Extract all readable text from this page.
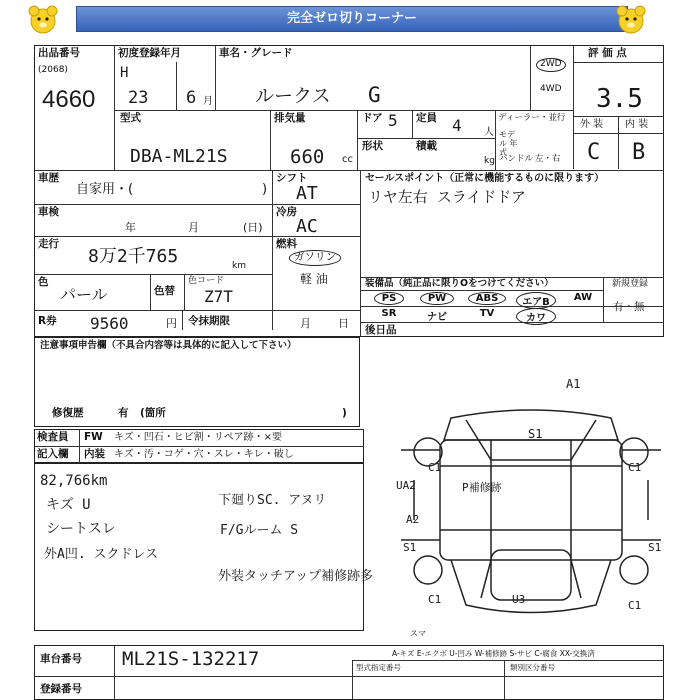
完全ゼロ切りコーナー
出品番号
(2068)
4660
初度登録年月
H
23 6 月
車名・グレード
ルークス G
2WD
4WD
評 価 点
3.5
外 装 内 装
C B
型式
DBA-ML21S
排気量
660 cc
ドア 5 定員 4 人
形状	積載
kg
ディーラー・並行
モデル 年式
ハンドル 左・右
車歴
自家用・(	)
シフト
AT
セールスポイント（正常に機能するものに限ります）
リヤ左右 スライドドア
車検
年	月	(日)
冷房
AC
走行
8万2千765	km
燃料
ガソリン
軽 油
色
パール	色替
色コード
Z7T
装備品（純正品に限りOをつけてください）	新規登録
有・無
PS	PW	ABS	エアB	AW
SR	ナビ	TV	カワ
後日品
R券 9560	円 令抹期限	月 日
注意事項申告欄（不具合内容等は具体的に記入して下さい）
修復歴	有 (箇所	)
検査員 FW キズ・凹石・ヒビ割・リペア跡・×要
記入欄 内装 キズ・汚・コゲ・穴・スレ・キレ・破し
82,766km
キズ U
シートスレ
外A凹. スクドレス
下廻りSC. アヌリ
F/Gルーム S
外装タッチアップ補修跡多
A1
S1
C1
UA2	P補修跡
A2
S1	S1
C1
U3
C1	C1
スマ
車台番号 ML21S-132217
登録番号
A-キズ E-エクボ U-凹み W-補修跡 S-サビ C-腐食 XX-交換済
型式指定番号	類別区分番号
